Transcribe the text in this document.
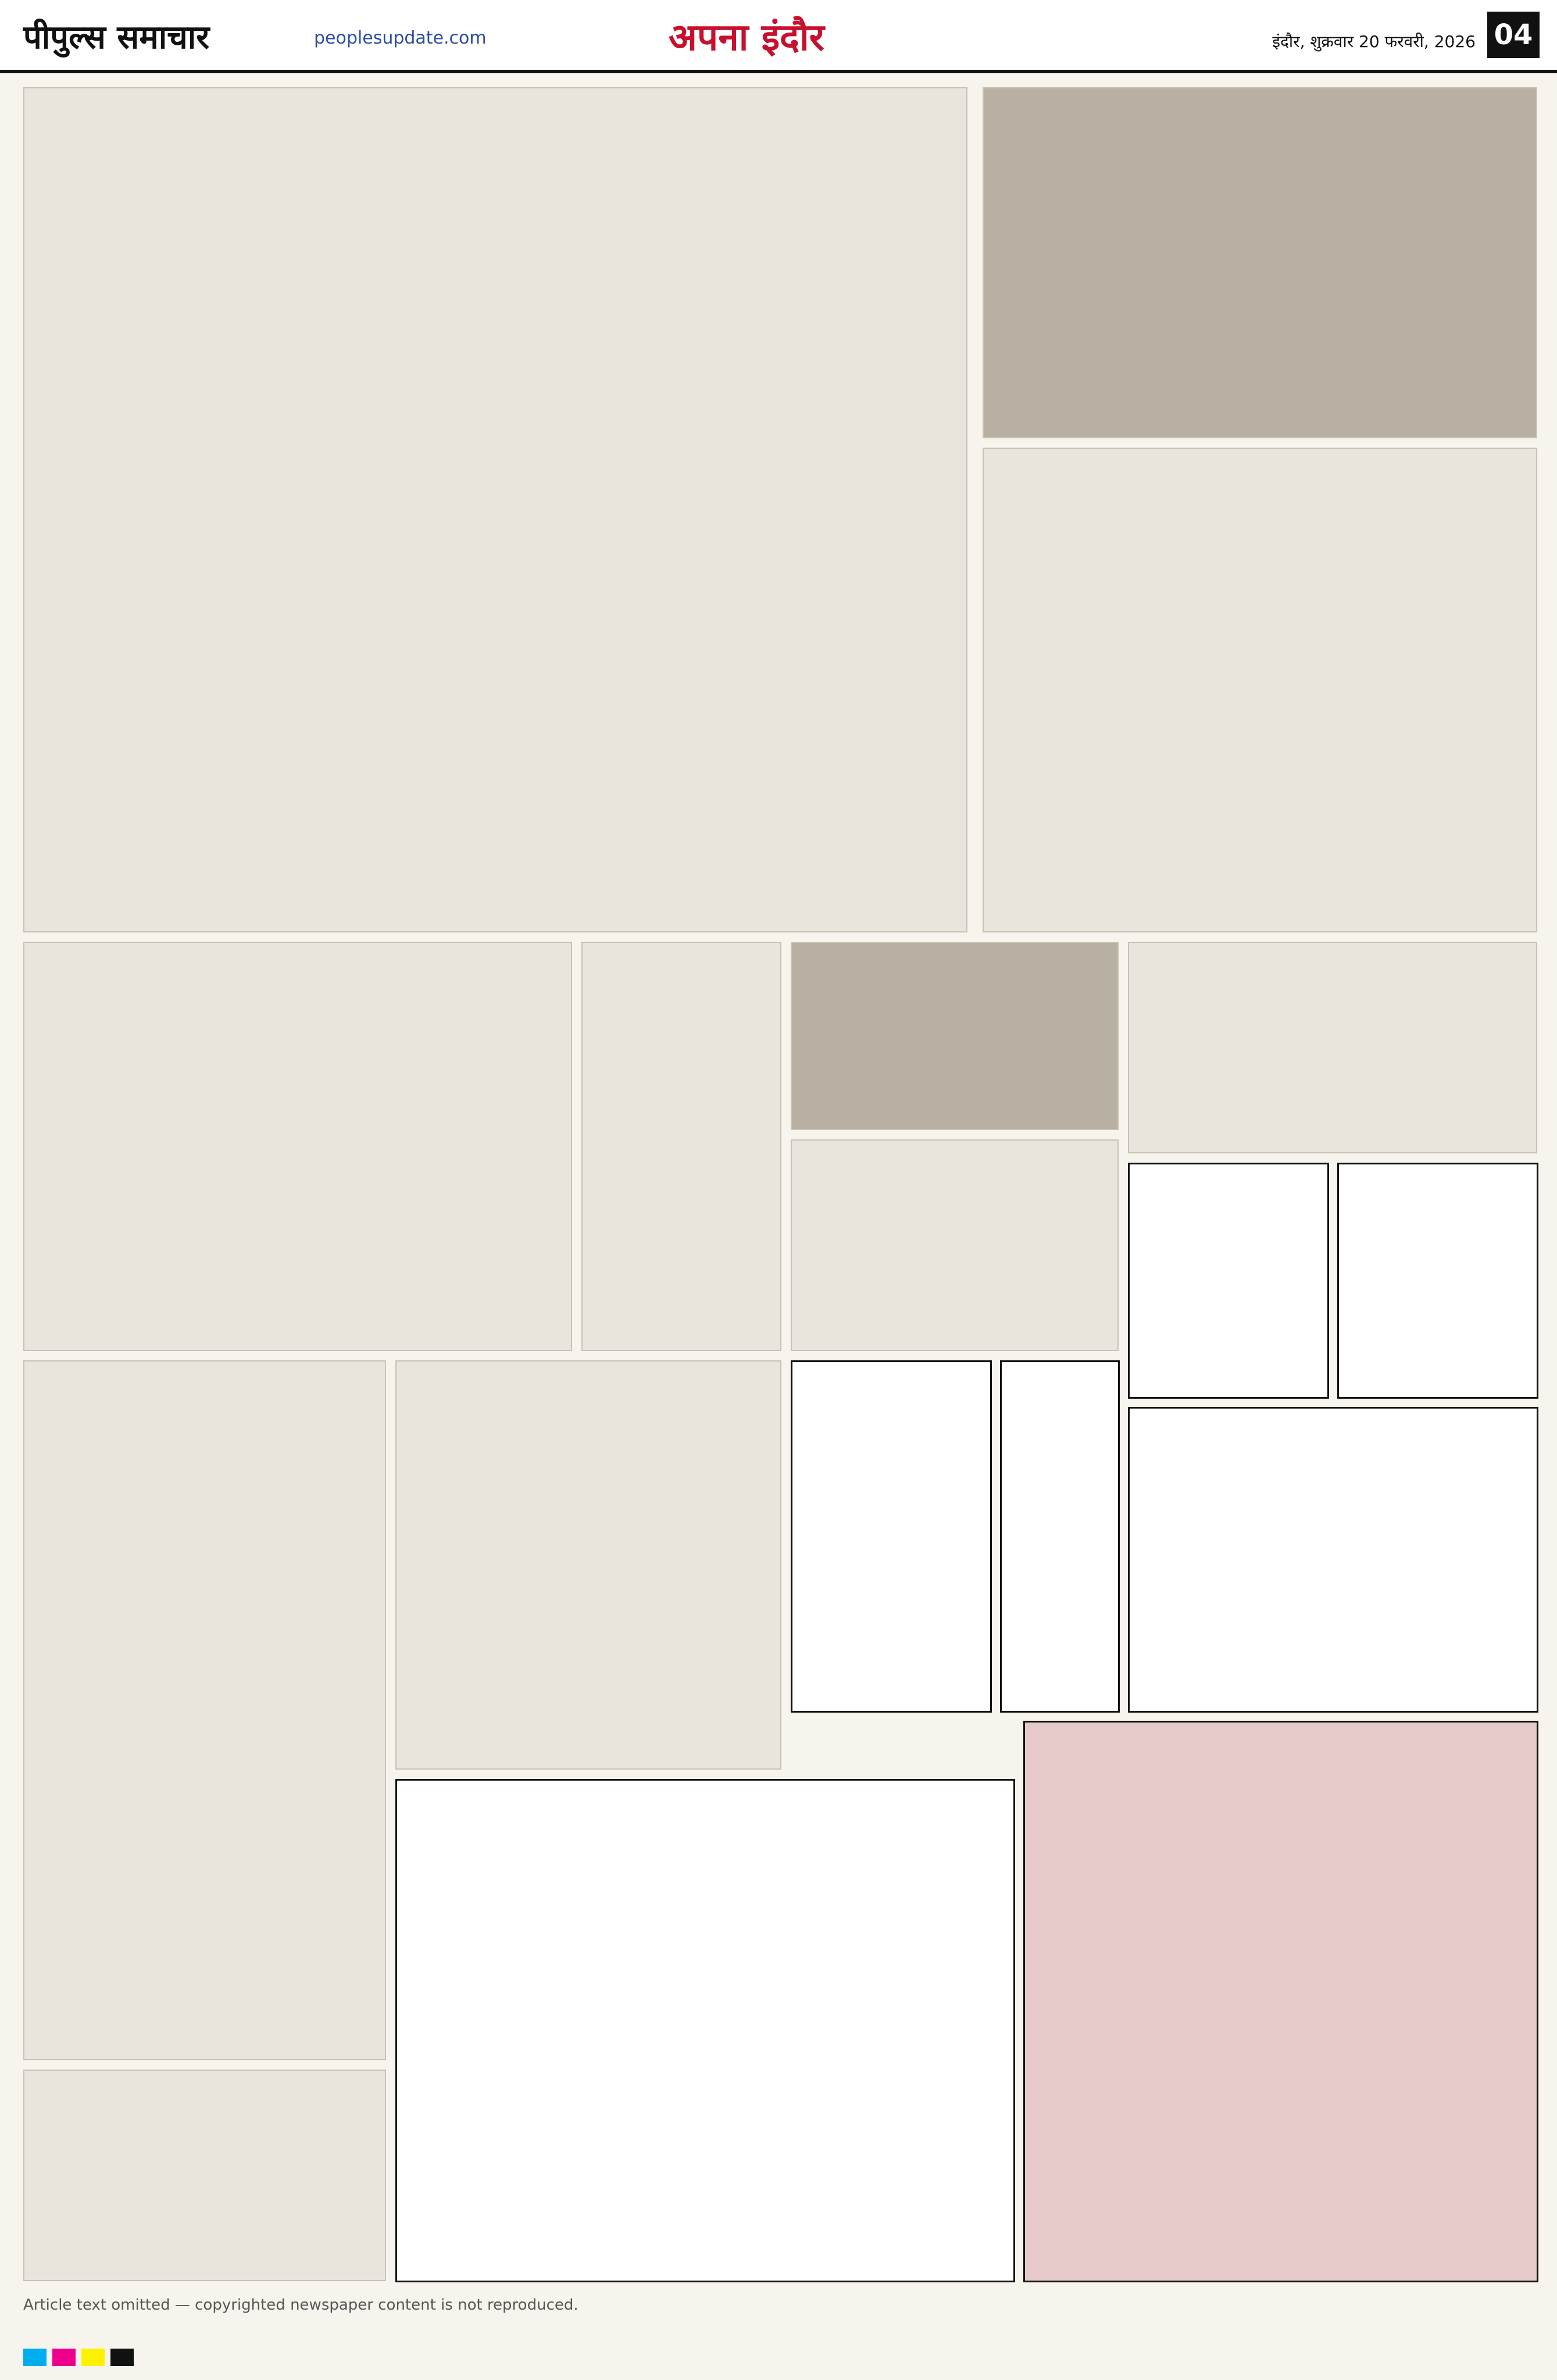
पीपुल्स समाचार	peoplesupdate.com	अपना इंदौर	इंदौर, शुक्रवार 20 फरवरी, 2026 04
Article text omitted — copyrighted newspaper content is not reproduced.
